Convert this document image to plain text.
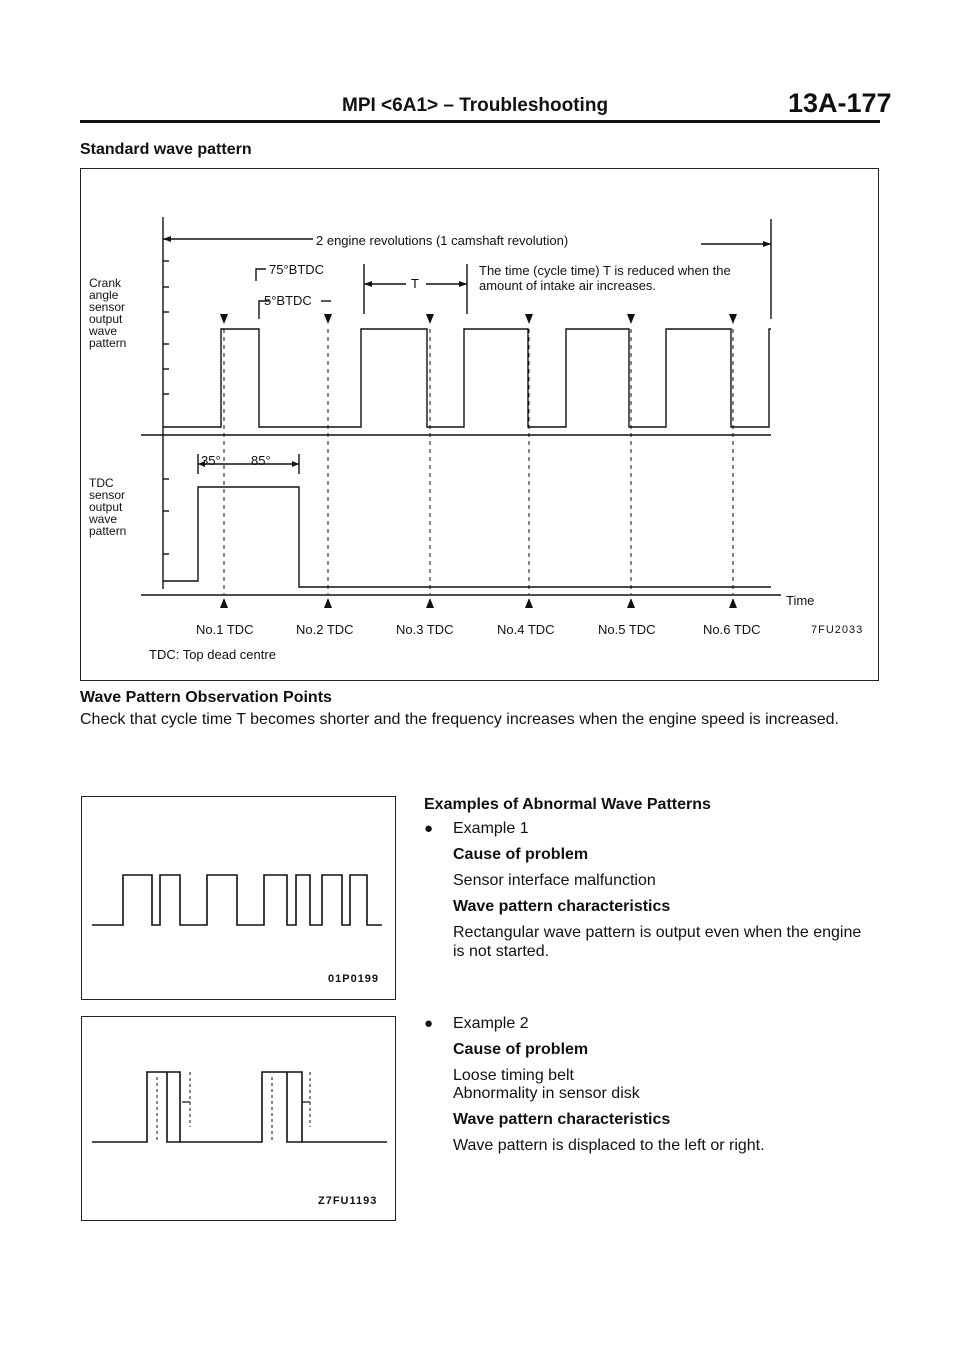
MPI <6A1> – Troubleshooting	13A-177
Standard wave pattern
Crank
angle
sensor
output
wave
pattern
TDC
sensor
output
wave
pattern
2 engine revolutions (1 camshaft revolution)
75°BTDC
5°BTDC
T
The time (cycle time) T is reduced when the
amount of intake air increases.
35° 85°
Time
No.1 TDC	No.2 TDC	No.3 TDC	No.4 TDC	No.5 TDC	No.6 TDC	7FU2033
TDC: Top dead centre
Wave Pattern Observation Points
Check that cycle time T becomes shorter and the frequency increases when the engine speed is increased.
01P0199
Z7FU1193
Examples of Abnormal Wave Patterns
● Example 1
Cause of problem
Sensor interface malfunction
Wave pattern characteristics
Rectangular wave pattern is output even when the engine
is not started.
● Example 2
Cause of problem
Loose timing belt
Abnormality in sensor disk
Wave pattern characteristics
Wave pattern is displaced to the left or right.
